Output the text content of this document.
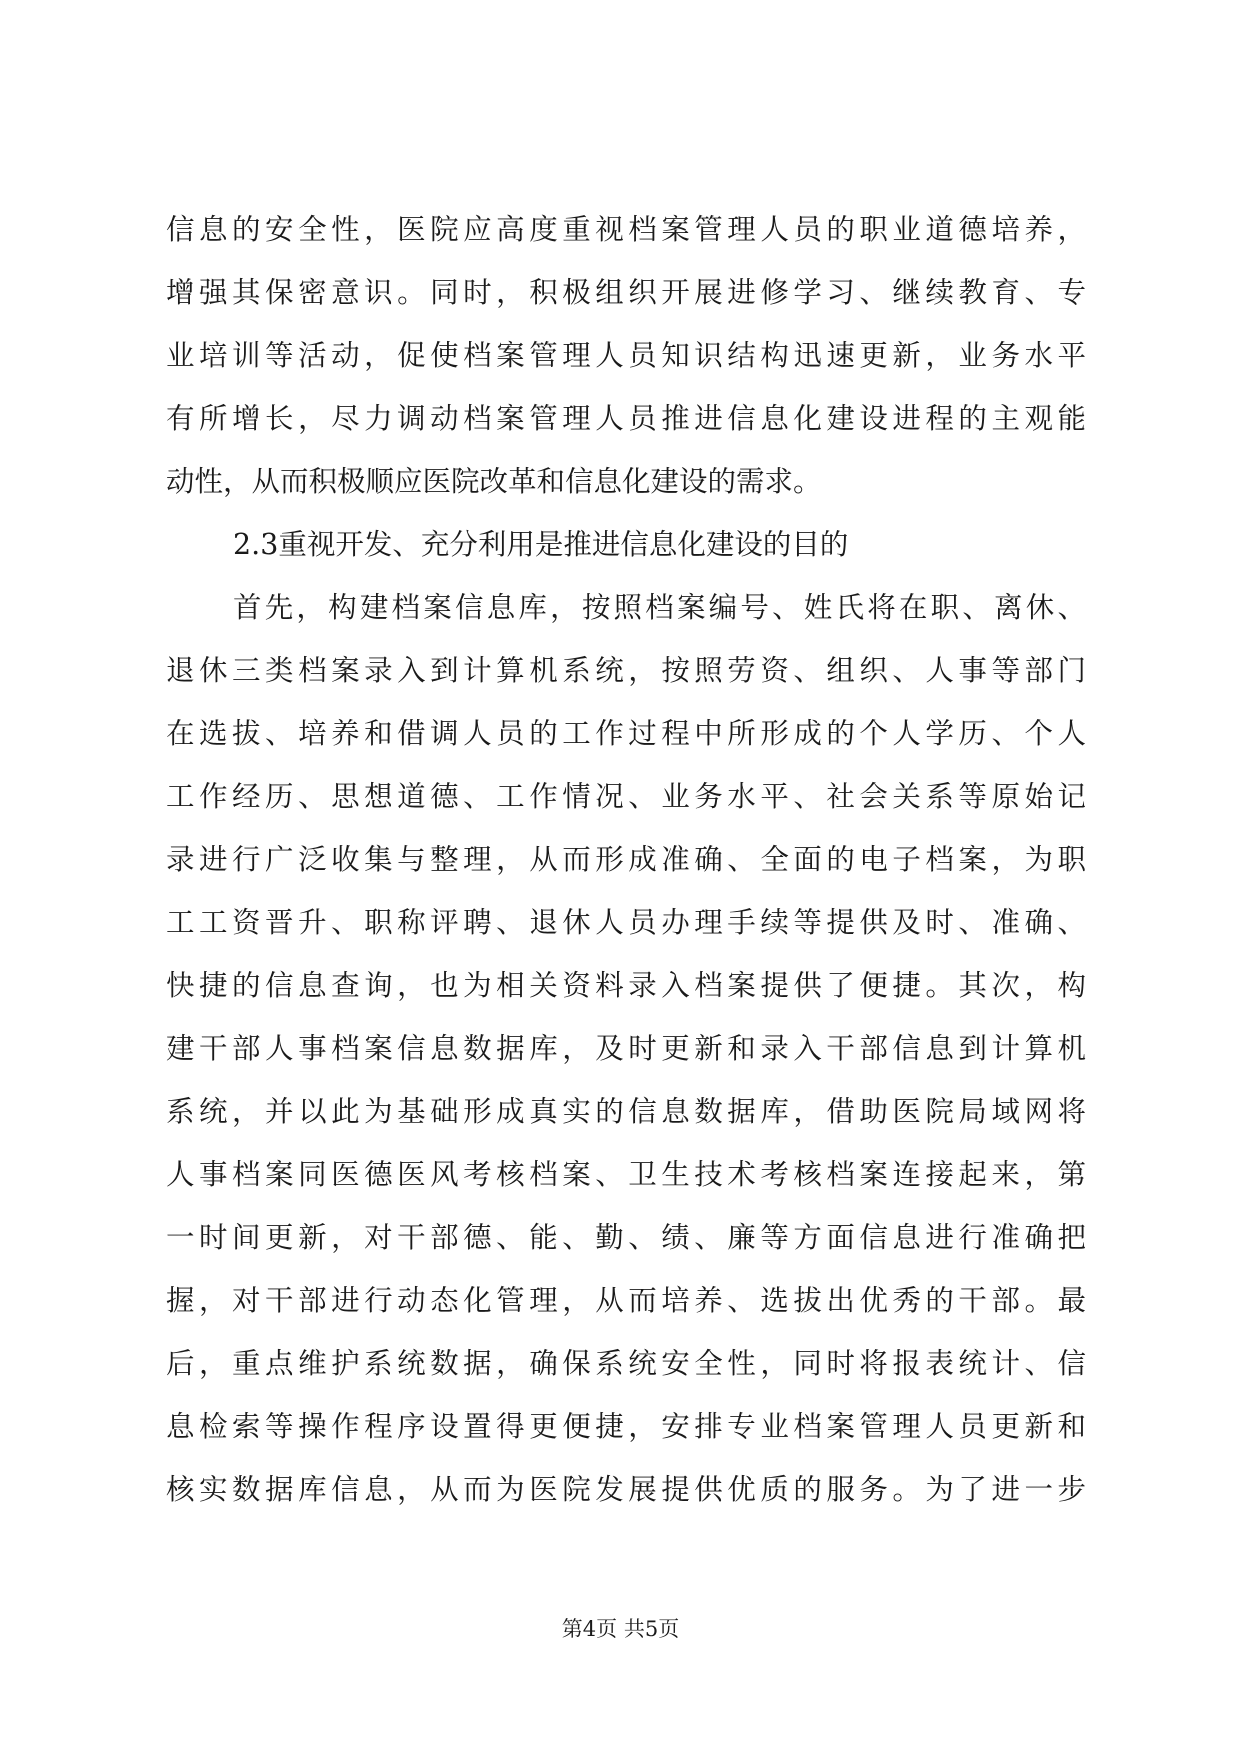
信息的安全性，医院应高度重视档案管理人员的职业道德培养，
增强其保密意识。同时，积极组织开展进修学习、继续教育、专
业培训等活动，促使档案管理人员知识结构迅速更新，业务水平
有所增长，尽力调动档案管理人员推进信息化建设进程的主观能
动性，从而积极顺应医院改革和信息化建设的需求。
2.3重视开发、充分利用是推进信息化建设的目的
首先，构建档案信息库，按照档案编号、姓氏将在职、离休、
退休三类档案录入到计算机系统，按照劳资、组织、人事等部门
在选拔、培养和借调人员的工作过程中所形成的个人学历、个人
工作经历、思想道德、工作情况、业务水平、社会关系等原始记
录进行广泛收集与整理，从而形成准确、全面的电子档案，为职
工工资晋升、职称评聘、退休人员办理手续等提供及时、准确、
快捷的信息查询，也为相关资料录入档案提供了便捷。其次，构
建干部人事档案信息数据库，及时更新和录入干部信息到计算机
系统，并以此为基础形成真实的信息数据库，借助医院局域网将
人事档案同医德医风考核档案、卫生技术考核档案连接起来，第
一时间更新，对干部德、能、勤、绩、廉等方面信息进行准确把
握，对干部进行动态化管理，从而培养、选拔出优秀的干部。最
后，重点维护系统数据，确保系统安全性，同时将报表统计、信
息检索等操作程序设置得更便捷，安排专业档案管理人员更新和
核实数据库信息，从而为医院发展提供优质的服务。为了进一步
第4页 共5页
